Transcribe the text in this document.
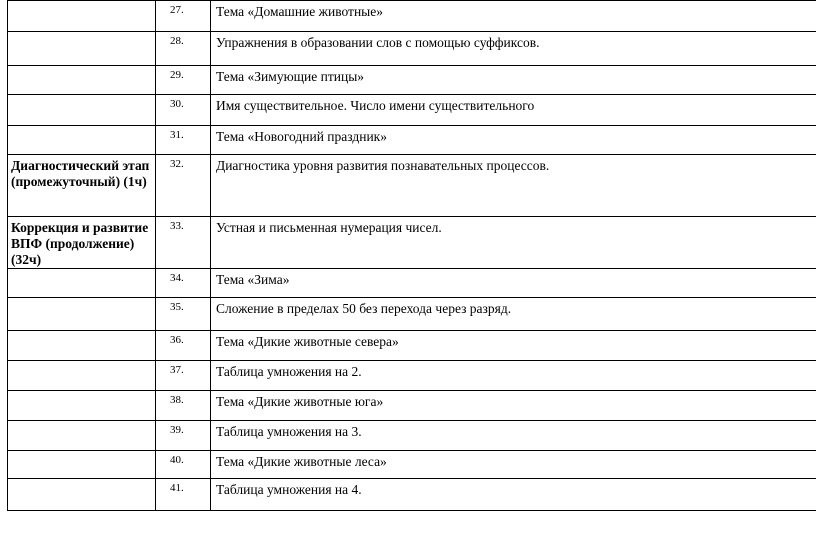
	27.	Тема «Домашние животные»	
	28.	Упражнения в образовании слов с помощью суффиксов.	
	29.	Тема «Зимующие птицы»	
	30.	Имя существительное. Число имени существительного	
	31.	Тема «Новогодний праздник»	
Диагностический этап (промежуточный) (1ч)	32.	Диагностика уровня развития познавательных процессов.	
Коррекция и развитие ВПФ (продолжение) (32ч)	33.	Устная и письменная нумерация чисел.	
	34.	Тема «Зима»	
	35.	Сложение в пределах 50 без перехода через разряд.	
	36.	Тема «Дикие животные севера»	
	37.	Таблица умножения на 2.	
	38.	Тема «Дикие животные юга»	
	39.	Таблица умножения на 3.	
	40.	Тема «Дикие животные леса»	
	41.	Таблица умножения на 4.	
